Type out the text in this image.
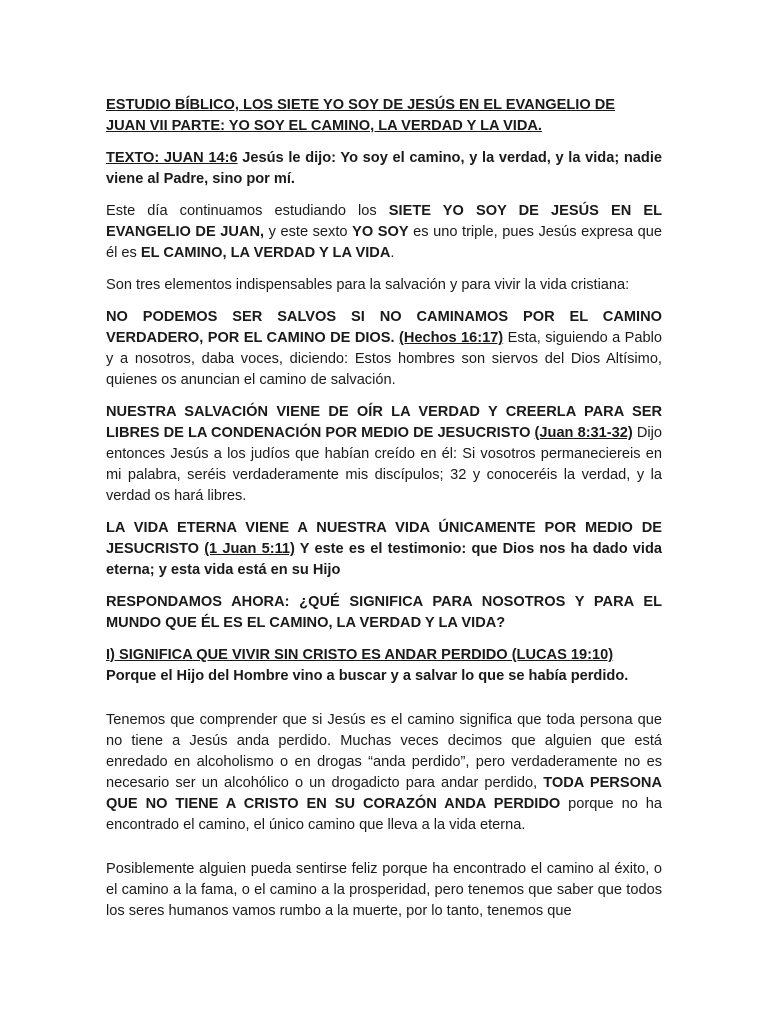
ESTUDIO BÍBLICO, LOS SIETE YO SOY DE JESÚS EN EL EVANGELIO DE
JUAN VII PARTE: YO SOY EL CAMINO, LA VERDAD Y LA VIDA.

TEXTO: JUAN 14:6 Jesús le dijo: Yo soy el camino, y la verdad, y la vida; nadie viene al Padre, sino por mí.

Este día continuamos estudiando los SIETE YO SOY DE JESÚS EN EL EVANGELIO DE JUAN, y este sexto YO SOY es uno triple, pues Jesús expresa que él es EL CAMINO, LA VERDAD Y LA VIDA.

Son tres elementos indispensables para la salvación y para vivir la vida cristiana:

NO PODEMOS SER SALVOS SI NO CAMINAMOS POR EL CAMINO VERDADERO, POR EL CAMINO DE DIOS. (Hechos 16:17) Esta, siguiendo a Pablo y a nosotros, daba voces, diciendo: Estos hombres son siervos del Dios Altísimo, quienes os anuncian el camino de salvación.

NUESTRA SALVACIÓN VIENE DE OÍR LA VERDAD Y CREERLA PARA SER LIBRES DE LA CONDENACIÓN POR MEDIO DE JESUCRISTO (Juan 8:31-32) Dijo entonces Jesús a los judíos que habían creído en él: Si vosotros permaneciereis en mi palabra, seréis verdaderamente mis discípulos; 32 y conoceréis la verdad, y la verdad os hará libres.

LA VIDA ETERNA VIENE A NUESTRA VIDA ÚNICAMENTE POR MEDIO DE JESUCRISTO (1 Juan 5:11) Y este es el testimonio: que Dios nos ha dado vida eterna; y esta vida está en su Hijo

RESPONDAMOS AHORA: ¿QUÉ SIGNIFICA PARA NOSOTROS Y PARA EL MUNDO QUE ÉL ES EL CAMINO, LA VERDAD Y LA VIDA?

I) SIGNIFICA QUE VIVIR SIN CRISTO ES ANDAR PERDIDO (LUCAS 19:10)
Porque el Hijo del Hombre vino a buscar y a salvar lo que se había perdido.

Tenemos que comprender que si Jesús es el camino significa que toda persona que no tiene a Jesús anda perdido. Muchas veces decimos que alguien que está enredado en alcoholismo o en drogas “anda perdido”, pero verdaderamente no es necesario ser un alcohólico o un drogadicto para andar perdido, TODA PERSONA QUE NO TIENE A CRISTO EN SU CORAZÓN ANDA PERDIDO porque no ha encontrado el camino, el único camino que lleva a la vida eterna.

Posiblemente alguien pueda sentirse feliz porque ha encontrado el camino al éxito, o el camino a la fama, o el camino a la prosperidad, pero tenemos que saber que todos los seres humanos vamos rumbo a la muerte, por lo tanto, tenemos que
